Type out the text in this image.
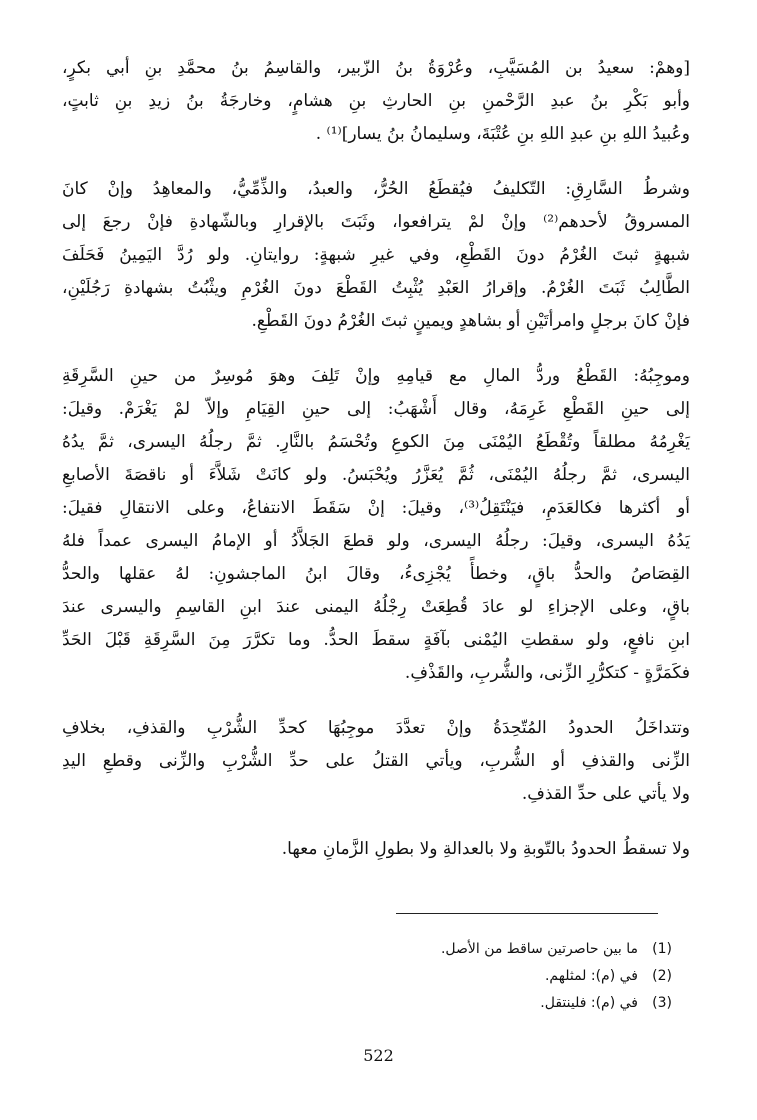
[وهمْ: سعيدُ بن المُسَيَّبِ، وعُرْوَةُ بنُ الزّبير، والقاسِمُ بنُ محمَّدِ بنِ أبي بكرٍ،
وأبو بَكْرِ بنُ عبدِ الرَّحْمنِ بنِ الحارثِ بنِ هشامٍ، وخارجَةُ بنُ زيدِ بنِ ثابتٍ،
وعُبيدُ اللهِ بنِ عبدِ اللهِ بنِ عُتْبَةَ، وسليمانُ بنُ يسار]⁽¹⁾ .
وشرطُ السَّارِقِ: التّكليفُ فيُقطَعُ الحُرُّ، والعبدُ، والذِّمِّيُّ، والمعاهِدُ وإنْ كانَ
المسروقُ لأحدهم⁽²⁾ وإنْ لمْ يترافعوا، وثَبَتَ بالإقرارِ وبالشّهادةِ فإنْ رجعَ إلى
شبهةٍ ثبتَ الغُرْمُ دونَ القَطْعِ، وفي غيرِ شبهةٍ: روايتانِ. ولو رُدَّ اليَمِينُ فَحَلَفَ
الطَّالِبُ ثَبَتَ الغُرْمُ. وإقرارُ العَبْدِ يُثْبِتُ القَطْعَ دونَ الغُرْمِ ويثْبُتُ بشهادةِ رَجُلَيْنِ،
فإنْ كانَ برجلٍ وامرأتَيْنِ أو بشاهدٍ ويمينٍ ثبتَ الغُرْمُ دونَ القَطْعِ.
وموجِبُهُ: القَطْعُ وردُّ المالِ مع قيامِهِ وإنْ تَلِفَ وهوَ مُوسِرٌ من حينِ السَّرِقَةِ
إلى حينِ القَطْعِ غَرِمَهُ، وقال أَشْهَبُ: إلى حينِ القِيَامِ وإلاّ لمْ يَغْرَمْ. وقيلَ:
يَغْرِمُهُ مطلقاً وتُقْطَعُ اليُمْنَى مِنَ الكوعِ وتُحْسَمُ بالنَّارِ. ثمَّ رجلُهُ اليسرى، ثمَّ يدُهُ
اليسرى، ثمَّ رجلُهُ اليُمْنَى، ثُمَّ يُعَزَّرُ ويُحْبَسُ. ولو كانَتْ شَلاَّءَ أو ناقصَةَ الأصابعِ
أو أكثرها فكالعَدَمِ، فيَنْتَقِلُ⁽³⁾، وقيلَ: إنْ سَقَطَ الانتفاعُ، وعلى الانتقالِ فقيلَ:
يَدُهُ اليسرى، وقيلَ: رجلُهُ اليسرى، ولو قطعَ الجَلاَّدُ أو الإمامُ اليسرى عمداً فلهُ
القِصَاصُ والحدُّ باقٍ، وخطأً يُجْزِىءُ، وقالَ ابنُ الماجشونِ: لهُ عقلها والحدُّ
باقٍ، وعلى الإجزاءِ لو عادَ قُطِعَتْ رِجْلُهُ اليمنى عندَ ابنِ القاسِمِ واليسرى عندَ
ابنِ نافعٍ، ولو سقطتِ اليُمْنى بآفَةٍ سقطَ الحدُّ. وما تكرَّرَ مِنَ السَّرِقَةِ قَبْلَ الحَدِّ
فكَمَرَّةٍ - كتكرُّرِ الزِّنى، والشُّربِ، والقَذْفِ.
وتتداخَلُ الحدودُ المُتّحِدَةُ وإنْ تعدَّدَ موجِبُهَا كحدِّ الشُّرْبِ والقذفِ، بخلافِ
الزِّنى والقذفِ أو الشُّربِ، ويأتي القتلُ على حدِّ الشُّرْبِ والزِّنى وقطعِ اليدِ
ولا يأتي على حدِّ القذفِ.
ولا تسقطُ الحدودُ بالتّوبةِ ولا بالعدالةِ ولا بطولِ الزَّمانِ معها.
(1)
ما بين حاصرتين ساقط من الأصل.
(2)
في (م): لمثلهم.
(3)
في (م): فلينتقل.
522
